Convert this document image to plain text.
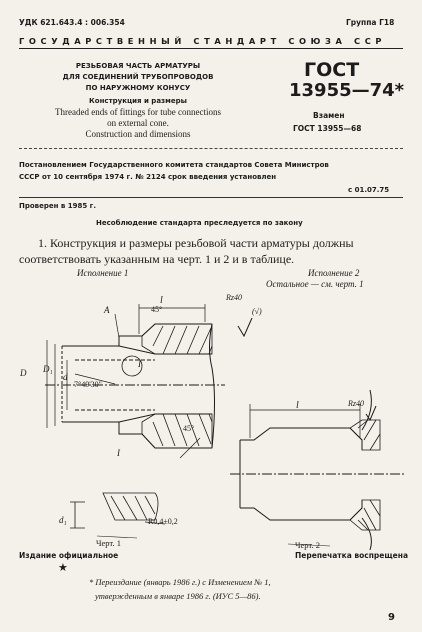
УДК 621.643.4 : 006.354	Группа Г18
ГОСУДАРСТВЕННЫЙ СТАНДАРТ СОЮЗА ССР
РЕЗЬБОВАЯ ЧАСТЬ АРМАТУРЫ
ДЛЯ СОЕДИНЕНИЙ ТРУБОПРОВОДОВ
ПО НАРУЖНОМУ КОНУСУ
Конструкция и размеры
Threaded ends of fittings for tube connections
on external cone.
Construction and dimensions
ГОСТ
13955—74*
Взамен
ГОСТ 13955—68
Постановлением Государственного комитета стандартов Совета Министров
СССР от 10 сентября 1974 г. № 2124 срок введения установлен
с 01.07.75
Проверен в 1985 г.
Несоблюдение стандарта преследуется по закону
1. Конструкция и размеры резьбовой части арматуры должны
соответствовать указанным на черт. 1 и 2 и в таблице.
Исполнение 1	Исполнение 2
Остальное — см. черт. 1
l
A	45°
D D₁
d
I
7°49'30"
45°
I
d₁	R0,4±0,2
Черт. 1
Rz40
(√)
l	Rz40
Черт. 2
Издание официальное	Перепечатка воспрещена
★
* Переиздание (январь 1986 г.) с Изменением № 1,
утвержденным в январе 1986 г. (ИУС 5—86).
9
